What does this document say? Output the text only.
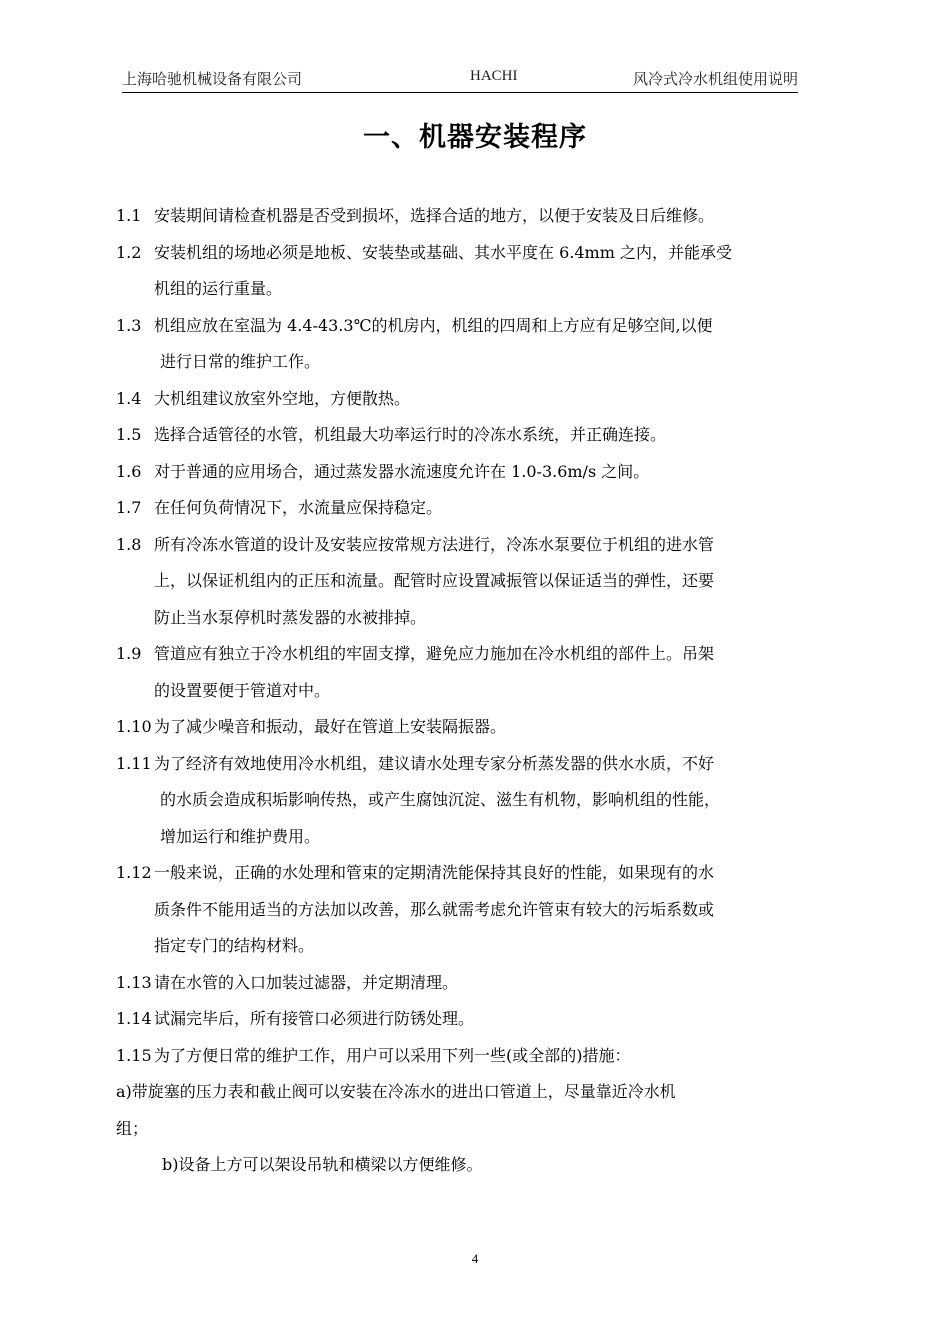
上海哈驰机械设备有限公司	HACHI	风冷式冷水机组使用说明
一、机器安装程序
1.1 安装期间请检查机器是否受到损坏，选择合适的地方，以便于安装及日后维修。
1.2 安装机组的场地必须是地板、安装垫或基础、其水平度在 6.4mm 之内，并能承受
机组的运行重量。
1.3 机组应放在室温为 4.4-43.3℃的机房内，机组的四周和上方应有足够空间,以便
进行日常的维护工作。
1.4 大机组建议放室外空地，方便散热。
1.5 选择合适管径的水管，机组最大功率运行时的冷冻水系统，并正确连接。
1.6 对于普通的应用场合，通过蒸发器水流速度允许在 1.0-3.6m/s 之间。
1.7 在任何负荷情况下，水流量应保持稳定。
1.8 所有冷冻水管道的设计及安装应按常规方法进行，冷冻水泵要位于机组的进水管
上，以保证机组内的正压和流量。配管时应设置减振管以保证适当的弹性，还要
防止当水泵停机时蒸发器的水被排掉。
1.9 管道应有独立于冷水机组的牢固支撑，避免应力施加在冷水机组的部件上。吊架
的设置要便于管道对中。
1.10 为了减少噪音和振动，最好在管道上安装隔振器。
1.11 为了经济有效地使用冷水机组，建议请水处理专家分析蒸发器的供水水质，不好
的水质会造成积垢影响传热，或产生腐蚀沉淀、滋生有机物，影响机组的性能，
增加运行和维护费用。
1.12 一般来说，正确的水处理和管束的定期清洗能保持其良好的性能，如果现有的水
质条件不能用适当的方法加以改善，那么就需考虑允许管束有较大的污垢系数或
指定专门的结构材料。
1.13 请在水管的入口加装过滤器，并定期清理。
1.14 试漏完毕后，所有接管口必须进行防锈处理。
1.15 为了方便日常的维护工作，用户可以采用下列一些(或全部的)措施：
a)带旋塞的压力表和截止阀可以安装在冷冻水的进出口管道上，尽量靠近冷水机
组；
b)设备上方可以架设吊轨和横梁以方便维修。
4
